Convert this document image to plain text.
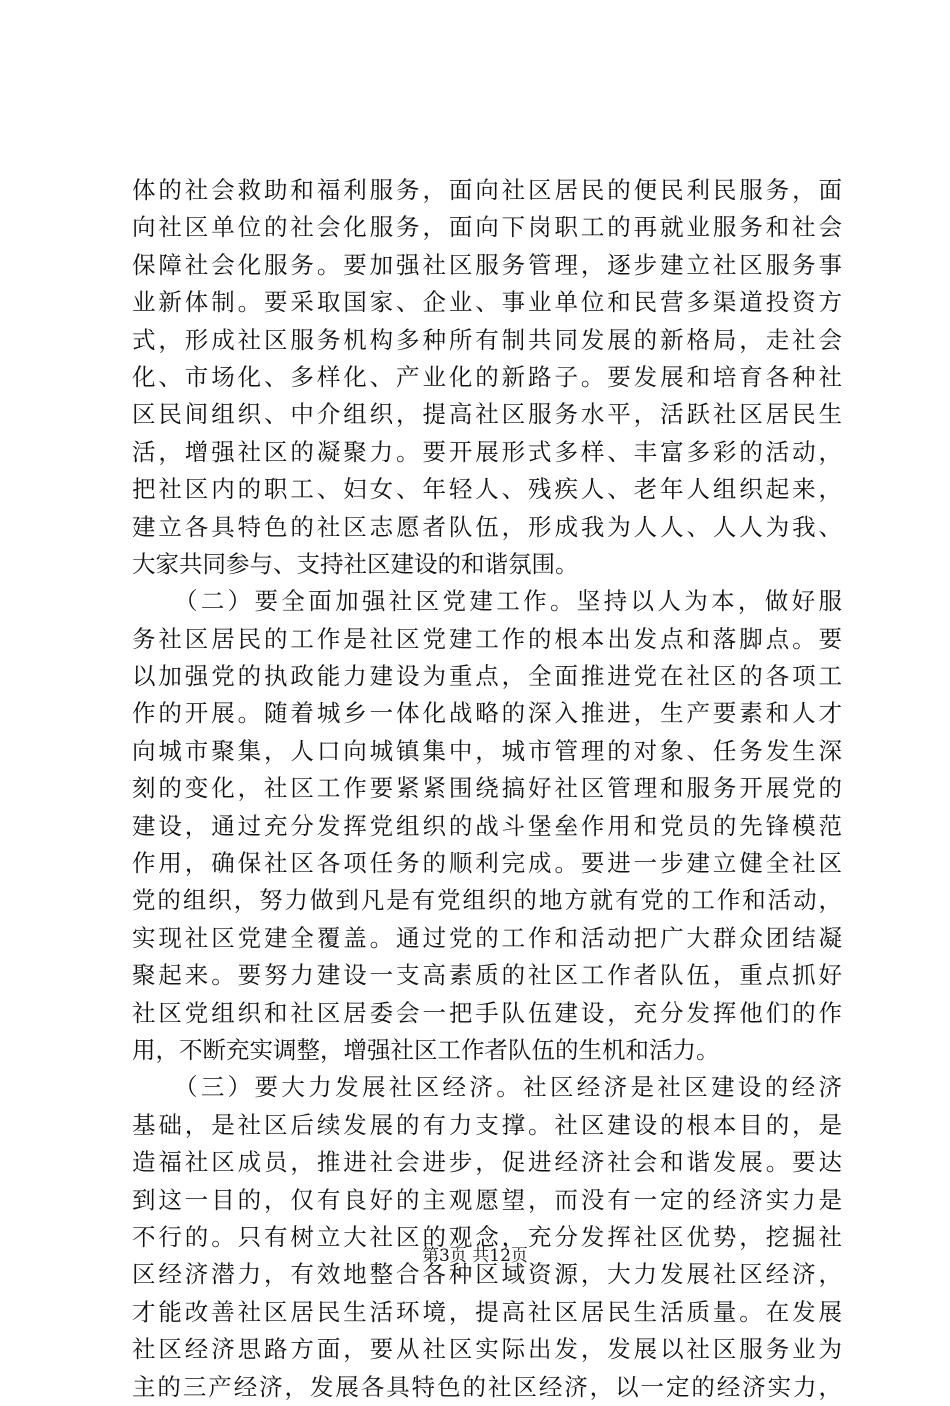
体的社会救助和福利服务，面向社区居民的便民利民服务，面
向社区单位的社会化服务，面向下岗职工的再就业服务和社会
保障社会化服务。要加强社区服务管理，逐步建立社区服务事
业新体制。要采取国家、企业、事业单位和民营多渠道投资方
式，形成社区服务机构多种所有制共同发展的新格局，走社会
化、市场化、多样化、产业化的新路子。要发展和培育各种社
区民间组织、中介组织，提高社区服务水平，活跃社区居民生
活，增强社区的凝聚力。要开展形式多样、丰富多彩的活动，
把社区内的职工、妇女、年轻人、残疾人、老年人组织起来，
建立各具特色的社区志愿者队伍，形成我为人人、人人为我、
大家共同参与、支持社区建设的和谐氛围。
　　（二）要全面加强社区党建工作。坚持以人为本，做好服
务社区居民的工作是社区党建工作的根本出发点和落脚点。要
以加强党的执政能力建设为重点，全面推进党在社区的各项工
作的开展。随着城乡一体化战略的深入推进，生产要素和人才
向城市聚集，人口向城镇集中，城市管理的对象、任务发生深
刻的变化，社区工作要紧紧围绕搞好社区管理和服务开展党的
建设，通过充分发挥党组织的战斗堡垒作用和党员的先锋模范
作用，确保社区各项任务的顺利完成。要进一步建立健全社区
党的组织，努力做到凡是有党组织的地方就有党的工作和活动，
实现社区党建全覆盖。通过党的工作和活动把广大群众团结凝
聚起来。要努力建设一支高素质的社区工作者队伍，重点抓好
社区党组织和社区居委会一把手队伍建设，充分发挥他们的作
用，不断充实调整，增强社区工作者队伍的生机和活力。
　　（三）要大力发展社区经济。社区经济是社区建设的经济
基础，是社区后续发展的有力支撑。社区建设的根本目的，是
造福社区成员，推进社会进步，促进经济社会和谐发展。要达
到这一目的，仅有良好的主观愿望，而没有一定的经济实力是
不行的。只有树立大社区的观念，充分发挥社区优势，挖掘社
区经济潜力，有效地整合各种区域资源，大力发展社区经济，
才能改善社区居民生活环境，提高社区居民生活质量。在发展
社区经济思路方面，要从社区实际出发，发展以社区服务业为
主的三产经济，发展各具特色的社区经济，以一定的经济实力，
第3页 共12页
